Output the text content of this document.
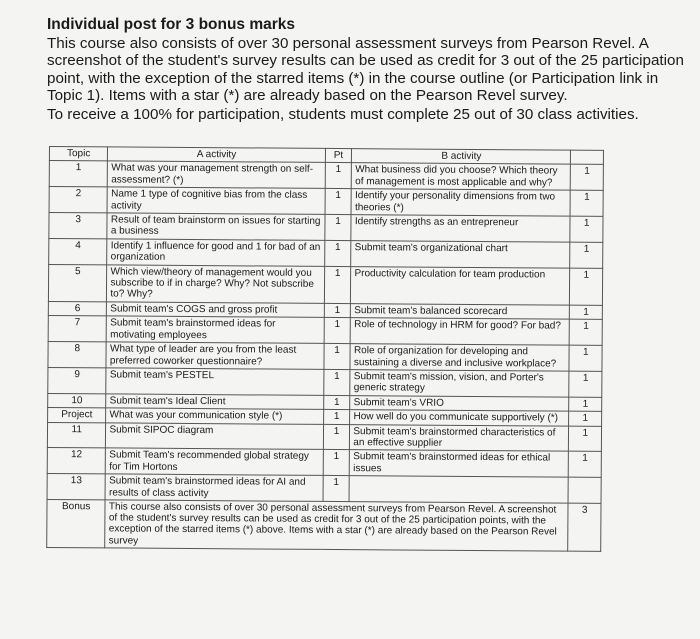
Individual post for 3 bonus marks

This course also consists of over 30 personal assessment surveys from Pearson Revel. A screenshot of the student's survey results can be used as credit for 3 out of the 25 participation point, with the exception of the starred items (*) in the course outline (or Participation link in Topic 1). Items with a star (*) are already based on the Pearson Revel survey.

To receive a 100% for participation, students must complete 25 out of 30 class activities.

Topic	A activity	Pt	B activity	
1	What was your management strength on self-assessment? (*)	1	What business did you choose? Which theory of management is most applicable and why?	1
2	Name 1 type of cognitive bias from the class activity	1	Identify your personality dimensions from two theories (*)	1
3	Result of team brainstorm on issues for starting a business	1	Identify strengths as an entrepreneur	1
4	Identify 1 influence for good and 1 for bad of an organization	1	Submit team's organizational chart	1
5	Which view/theory of management would you subscribe to if in charge? Why? Not subscribe to? Why?	1	Productivity calculation for team production	1
6	Submit team's COGS and gross profit	1	Submit team's balanced scorecard	1
7	Submit team's brainstormed ideas for motivating employees	1	Role of technology in HRM for good? For bad?	1
8	What type of leader are you from the least preferred coworker questionnaire?	1	Role of organization for developing and sustaining a diverse and inclusive workplace?	1
9	Submit team's PESTEL	1	Submit team's mission, vision, and Porter's generic strategy	1
10	Submit team's Ideal Client	1	Submit team's VRIO	1
Project	What was your communication style (*)	1	How well do you communicate supportively (*)	1
11	Submit SIPOC diagram	1	Submit team's brainstormed characteristics of an effective supplier	1
12	Submit Team's recommended global strategy for Tim Hortons	1	Submit team's brainstormed ideas for ethical issues	1
13	Submit team's brainstormed ideas for AI and results of class activity	1		
Bonus	This course also consists of over 30 personal assessment surveys from Pearson Revel. A screenshot of the student's survey results can be used as credit for 3 out of the 25 participation points, with the exception of the starred items (*) above. Items with a star (*) are already based on the Pearson Revel survey			3
